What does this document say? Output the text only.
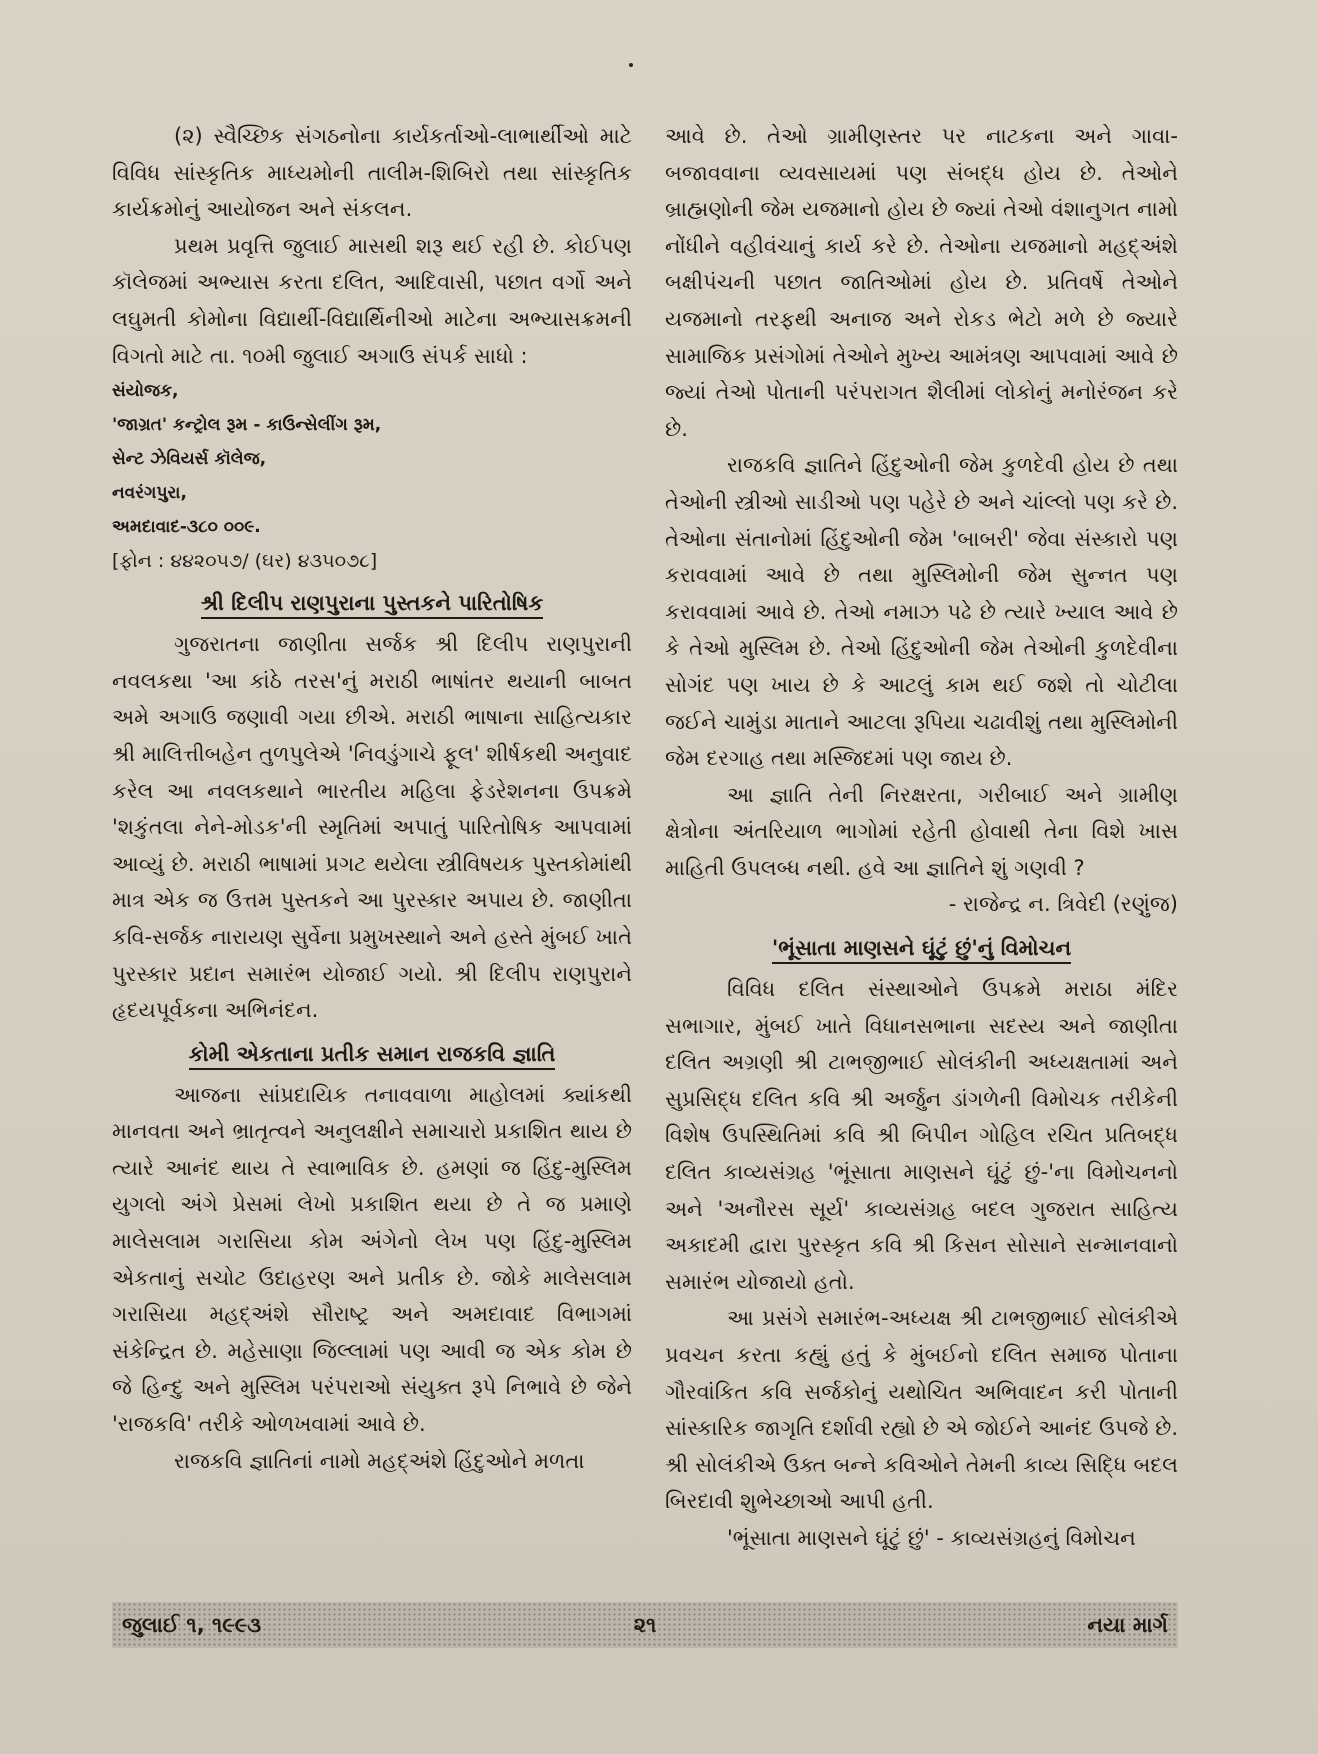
(૨) સ્વૈચ્છિક સંગઠનોના કાર્યકર્તાઓ-લાભાર્થીઓ માટે વિવિધ સાંસ્કૃતિક માધ્યમોની તાલીમ-શિબિરો તથા સાંસ્કૃતિક કાર્યક્રમોનું આયોજન અને સંકલન.

પ્રથમ પ્રવૃત્તિ જુલાઈ માસથી શરૂ થઈ રહી છે. કોઈપણ કૉલેજમાં અભ્યાસ કરતા દલિત, આદિવાસી, પછાત વર્ગો અને લઘુમતી કોમોના વિદ્યાર્થી-વિદ્યાર્થિનીઓ માટેના અભ્યાસક્રમની વિગતો માટે તા. ૧૦મી જુલાઈ અગાઉ સંપર્ક સાધો :

સંયોજક,
'જાગ્રત' કન્ટ્રોલ રૂમ - કાઉન્સેલીંગ રૂમ,
સેન્ટ ઝેવિયર્સ કૉલેજ,
નવરંગપુરા,
અમદાવાદ-૩૮૦ ૦૦૯.
[ફોન : ૪૪૨૦૫૭/ (ઘર) ૪૩૫૦૭૮]
શ્રી દિલીપ રાણપુરાના પુસ્તકને પારિતોષિક

ગુજરાતના જાણીતા સર્જક શ્રી દિલીપ રાણપુરાની નવલકથા 'આ કાંઠે તરસ'નું મરાઠી ભાષાંતર થયાની બાબત અમે અગાઉ જણાવી ગયા છીએ. મરાઠી ભાષાના સાહિત્યકાર શ્રી માલિત્તીબહેન તુળપુલેએ 'નિવડુંગાચે ફૂલ' શીર્ષકથી અનુવાદ કરેલ આ નવલકથાને ભારતીય મહિલા ફેડરેશનના ઉપક્રમે 'શકુંતલા નેને-મોડક'ની સ્મૃતિમાં અપાતું પારિતોષિક આપવામાં આવ્યું છે. મરાઠી ભાષામાં પ્રગટ થયેલા સ્ત્રીવિષયક પુસ્તકોમાંથી માત્ર એક જ ઉત્તમ પુસ્તકને આ પુરસ્કાર અપાય છે. જાણીતા કવિ-સર્જક નારાયણ સુર્વેના પ્રમુખસ્થાને અને હસ્તે મુંબઈ ખાતે પુરસ્કાર પ્રદાન સમારંભ યોજાઈ ગયો. શ્રી દિલીપ રાણપુરાને હૃદયપૂર્વકના અભિનંદન.

કોમી એકતાના પ્રતીક સમાન રાજકવિ જ્ઞાતિ

આજના સાંપ્રદાયિક તનાવવાળા માહોલમાં ક્યાંકથી માનવતા અને ભ્રાતૃત્વને અનુલક્ષીને સમાચારો પ્રકાશિત થાય છે ત્યારે આનંદ થાય તે સ્વાભાવિક છે. હમણાં જ હિંદુ-મુસ્લિમ યુગલો અંગે પ્રેસમાં લેખો પ્રકાશિત થયા છે તે જ પ્રમાણે માલેસલામ ગરાસિયા કોમ અંગેનો લેખ પણ હિંદુ-મુસ્લિમ એકતાનું સચોટ ઉદાહરણ અને પ્રતીક છે. જોકે માલેસલામ ગરાસિયા મહદ્અંશે સૌરાષ્ટ્ર અને અમદાવાદ વિભાગમાં સંકેન્દ્રિત છે. મહેસાણા જિલ્લામાં પણ આવી જ એક કોમ છે જે હિન્દુ અને મુસ્લિમ પરંપરાઓ સંયુક્ત રૂપે નિભાવે છે જેને 'રાજકવિ' તરીકે ઓળખવામાં આવે છે.

રાજકવિ જ્ઞાતિનાં નામો મહદ્અંશે હિંદુઓને મળતા

આવે છે. તેઓ ગ્રામીણસ્તર પર નાટકના અને ગાવા-બજાવવાના વ્યવસાયમાં પણ સંબદ્ધ હોય છે. તેઓને બ્રાહ્મણોની જેમ યજમાનો હોય છે જ્યાં તેઓ વંશાનુગત નામો નોંધીને વહીવંચાનું કાર્ય કરે છે. તેઓના યજમાનો મહદ્અંશે બક્ષીપંચની પછાત જાતિઓમાં હોય છે. પ્રતિવર્ષે તેઓને યજમાનો તરફથી અનાજ અને રોકડ ભેટો મળે છે જ્યારે સામાજિક પ્રસંગોમાં તેઓને મુખ્ય આમંત્રણ આપવામાં આવે છે જ્યાં તેઓ પોતાની પરંપરાગત શૈલીમાં લોકોનું મનોરંજન કરે છે.

રાજકવિ જ્ઞાતિને હિંદુઓની જેમ કુળદેવી હોય છે તથા તેઓની સ્ત્રીઓ સાડીઓ પણ પહેરે છે અને ચાંલ્લો પણ કરે છે. તેઓના સંતાનોમાં હિંદુઓની જેમ 'બાબરી' જેવા સંસ્કારો પણ કરાવવામાં આવે છે તથા મુસ્લિમોની જેમ સુન્નત પણ કરાવવામાં આવે છે. તેઓ નમાઝ પઢે છે ત્યારે ખ્યાલ આવે છે કે તેઓ મુસ્લિમ છે. તેઓ હિંદુઓની જેમ તેઓની કુળદેવીના સોગંદ પણ ખાય છે કે આટલું કામ થઈ જશે તો ચોટીલા જઈને ચામુંડા માતાને આટલા રૂપિયા ચઢાવીશું તથા મુસ્લિમોની જેમ દરગાહ તથા મસ્જિદમાં પણ જાય છે.

આ જ્ઞાતિ તેની નિરક્ષરતા, ગરીબાઈ અને ગ્રામીણ ક્ષેત્રોના અંતરિયાળ ભાગોમાં રહેતી હોવાથી તેના વિશે ખાસ માહિતી ઉપલબ્ધ નથી. હવે આ જ્ઞાતિને શું ગણવી ?

- રાજેન્દ્ર ન. ત્રિવેદી (રણુંજ)

'ભૂંસાતા માણસને ઘૂંટું છું'નું વિમોચન

વિવિધ દલિત સંસ્થાઓને ઉપક્રમે મરાઠા મંદિર સભાગાર, મુંબઈ ખાતે વિધાનસભાના સદસ્ય અને જાણીતા દલિત અગ્રણી શ્રી ટાભજીભાઈ સોલંકીની અધ્યક્ષતામાં અને સુપ્રસિદ્ધ દલિત કવિ શ્રી અર્જુન ડાંગળેની વિમોચક તરીકેની વિશેષ ઉપસ્થિતિમાં કવિ શ્રી બિપીન ગોહિલ રચિત પ્રતિબદ્ધ દલિત કાવ્યસંગ્રહ 'ભૂંસાતા માણસને ઘૂંટું છું-'ના વિમોચનનો અને 'અનૌરસ સૂર્ય' કાવ્યસંગ્રહ બદલ ગુજરાત સાહિત્ય અકાદમી દ્વારા પુરસ્કૃત કવિ શ્રી કિસન સોસાને સન્માનવાનો સમારંભ યોજાયો હતો.

આ પ્રસંગે સમારંભ-અધ્યક્ષ શ્રી ટાભજીભાઈ સોલંકીએ પ્રવચન કરતા કહ્યું હતું કે મુંબઈનો દલિત સમાજ પોતાના ગૌરવાંકિત કવિ સર્જકોનું યથોચિત અભિવાદન કરી પોતાની સાંસ્કારિક જાગૃતિ દર્શાવી રહ્યો છે એ જોઈને આનંદ ઉપજે છે. શ્રી સોલંકીએ ઉક્ત બન્ને કવિઓને તેમની કાવ્ય સિદ્ધિ બદલ બિરદાવી શુભેચ્છાઓ આપી હતી.

'ભૂંસાતા માણસને ઘૂંટું છું' - કાવ્યસંગ્રહનું વિમોચન

જુલાઈ ૧, ૧૯૯૩	૨૧	નયા માર્ગ
